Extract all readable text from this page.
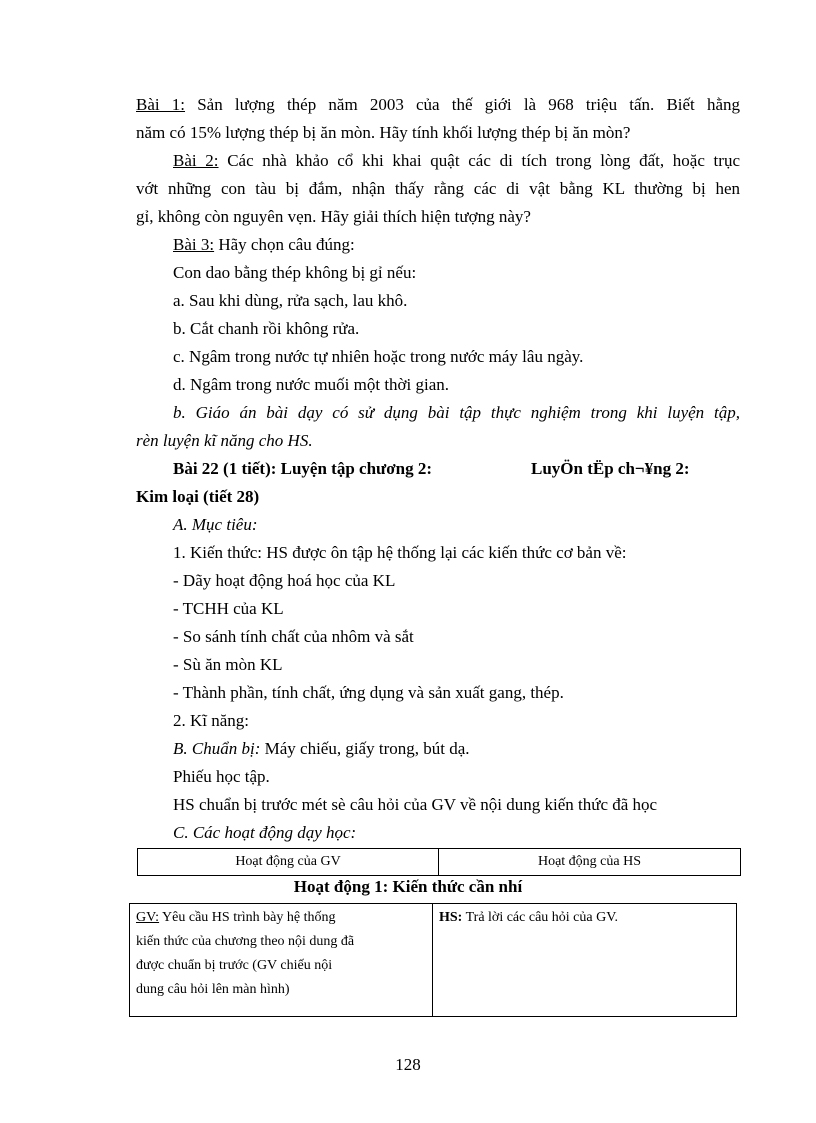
Bài 1: Sản lượng thép năm 2003 của thế giới là 968 triệu tấn. Biết hằng
năm có 15% lượng thép bị ăn mòn. Hãy tính khối lượng thép bị ăn mòn?
Bài 2: Các nhà khảo cổ khi khai quật các di tích trong lòng đất, hoặc trục
vớt những con tàu bị đắm, nhận thấy rằng các di vật bằng KL thường bị hen
gỉ, không còn nguyên vẹn. Hãy giải thích hiện tượng này?
Bài 3: Hãy chọn câu đúng:
Con dao bằng thép không bị gỉ nếu:
a. Sau khi dùng, rửa sạch, lau khô.
b. Cắt chanh rồi không rửa.
c. Ngâm trong nước tự nhiên hoặc trong nước máy lâu ngày.
d. Ngâm trong nước muối một thời gian.
b. Giáo án bài dạy có sử dụng bài tập thực nghiệm trong khi luyện tập,
rèn luyện kĩ năng cho HS.
Bài 22 (1 tiết): Luyện tập chương 2:	LuyÖn tËp ch¬¥ng 2:
Kim loại (tiết 28)
A. Mục tiêu:
1. Kiến thức: HS được ôn tập hệ thống lại các kiến thức cơ bản về:
- Dãy hoạt động hoá học của KL
- TCHH của KL
- So sánh tính chất của nhôm và sắt
- Sù ăn mòn KL
- Thành phần, tính chất, ứng dụng và sản xuất gang, thép.
2. Kĩ năng:
B. Chuẩn bị: Máy chiếu, giấy trong, bút dạ.
Phiếu học tập.
HS chuẩn bị trước mét sè câu hỏi của GV về nội dung kiến thức đã học
C. Các hoạt động dạy học:
Hoạt động của GV	Hoạt động của HS
Hoạt động 1: Kiến thức cần nhí
GV: Yêu cầu HS trình bày hệ thống
kiến thức của chương theo nội dung đã
được chuẩn bị trước (GV chiếu nội
dung câu hỏi lên màn hình)	HS: Trả lời các câu hỏi của GV.
128
